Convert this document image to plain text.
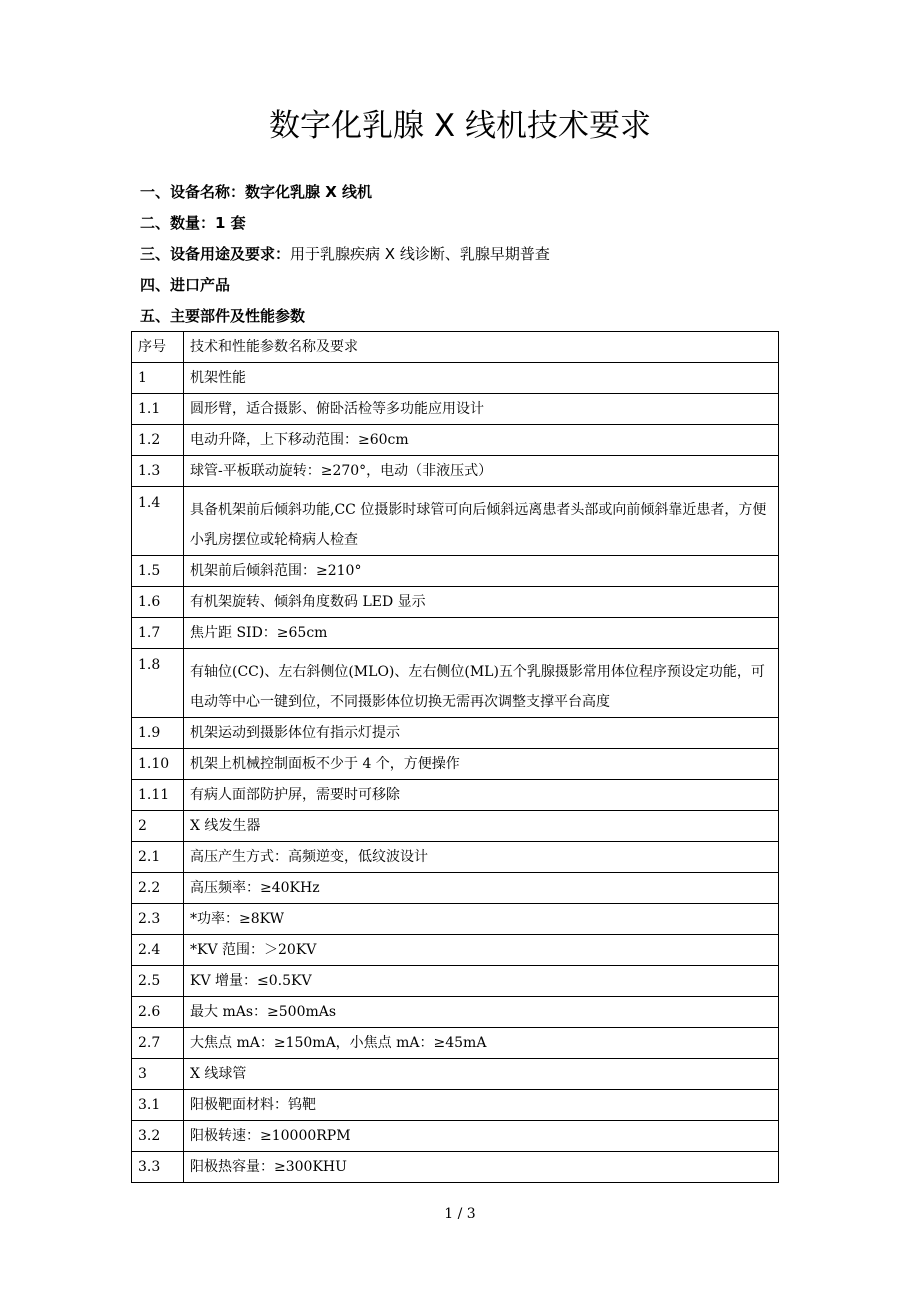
数字化乳腺 X 线机技术要求
一、设备名称：数字化乳腺 X 线机
二、数量：1 套
三、设备用途及要求：用于乳腺疾病 X 线诊断、乳腺早期普查
四、进口产品
五、主要部件及性能参数
序号	技术和性能参数名称及要求
1	机架性能
1.1	圆形臂，适合摄影、俯卧活检等多功能应用设计
1.2	电动升降，上下移动范围：≥60cm
1.3	球管-平板联动旋转：≥270°，电动（非液压式）
1.4	具备机架前后倾斜功能,CC 位摄影时球管可向后倾斜远离患者头部或向前倾斜靠近患者，方便小乳房摆位或轮椅病人检查
1.5	机架前后倾斜范围：≥210°
1.6	有机架旋转、倾斜角度数码 LED 显示
1.7	焦片距 SID：≥65cm
1.8	有轴位(CC)、左右斜侧位(MLO)、左右侧位(ML)五个乳腺摄影常用体位程序预设定功能，可电动等中心一键到位，不同摄影体位切换无需再次调整支撑平台高度
1.9	机架运动到摄影体位有指示灯提示
1.10	机架上机械控制面板不少于 4 个，方便操作
1.11	有病人面部防护屏，需要时可移除
2	X 线发生器
2.1	高压产生方式：高频逆变，低纹波设计
2.2	高压频率：≥40KHz
2.3	*功率：≥8KW
2.4	*KV 范围：＞20KV
2.5	KV 增量：≤0.5KV
2.6	最大 mAs：≥500mAs
2.7	大焦点 mA：≥150mA，小焦点 mA：≥45mA
3	X 线球管
3.1	阳极靶面材料：钨靶
3.2	阳极转速：≥10000RPM
3.3	阳极热容量：≥300KHU
1 / 3
